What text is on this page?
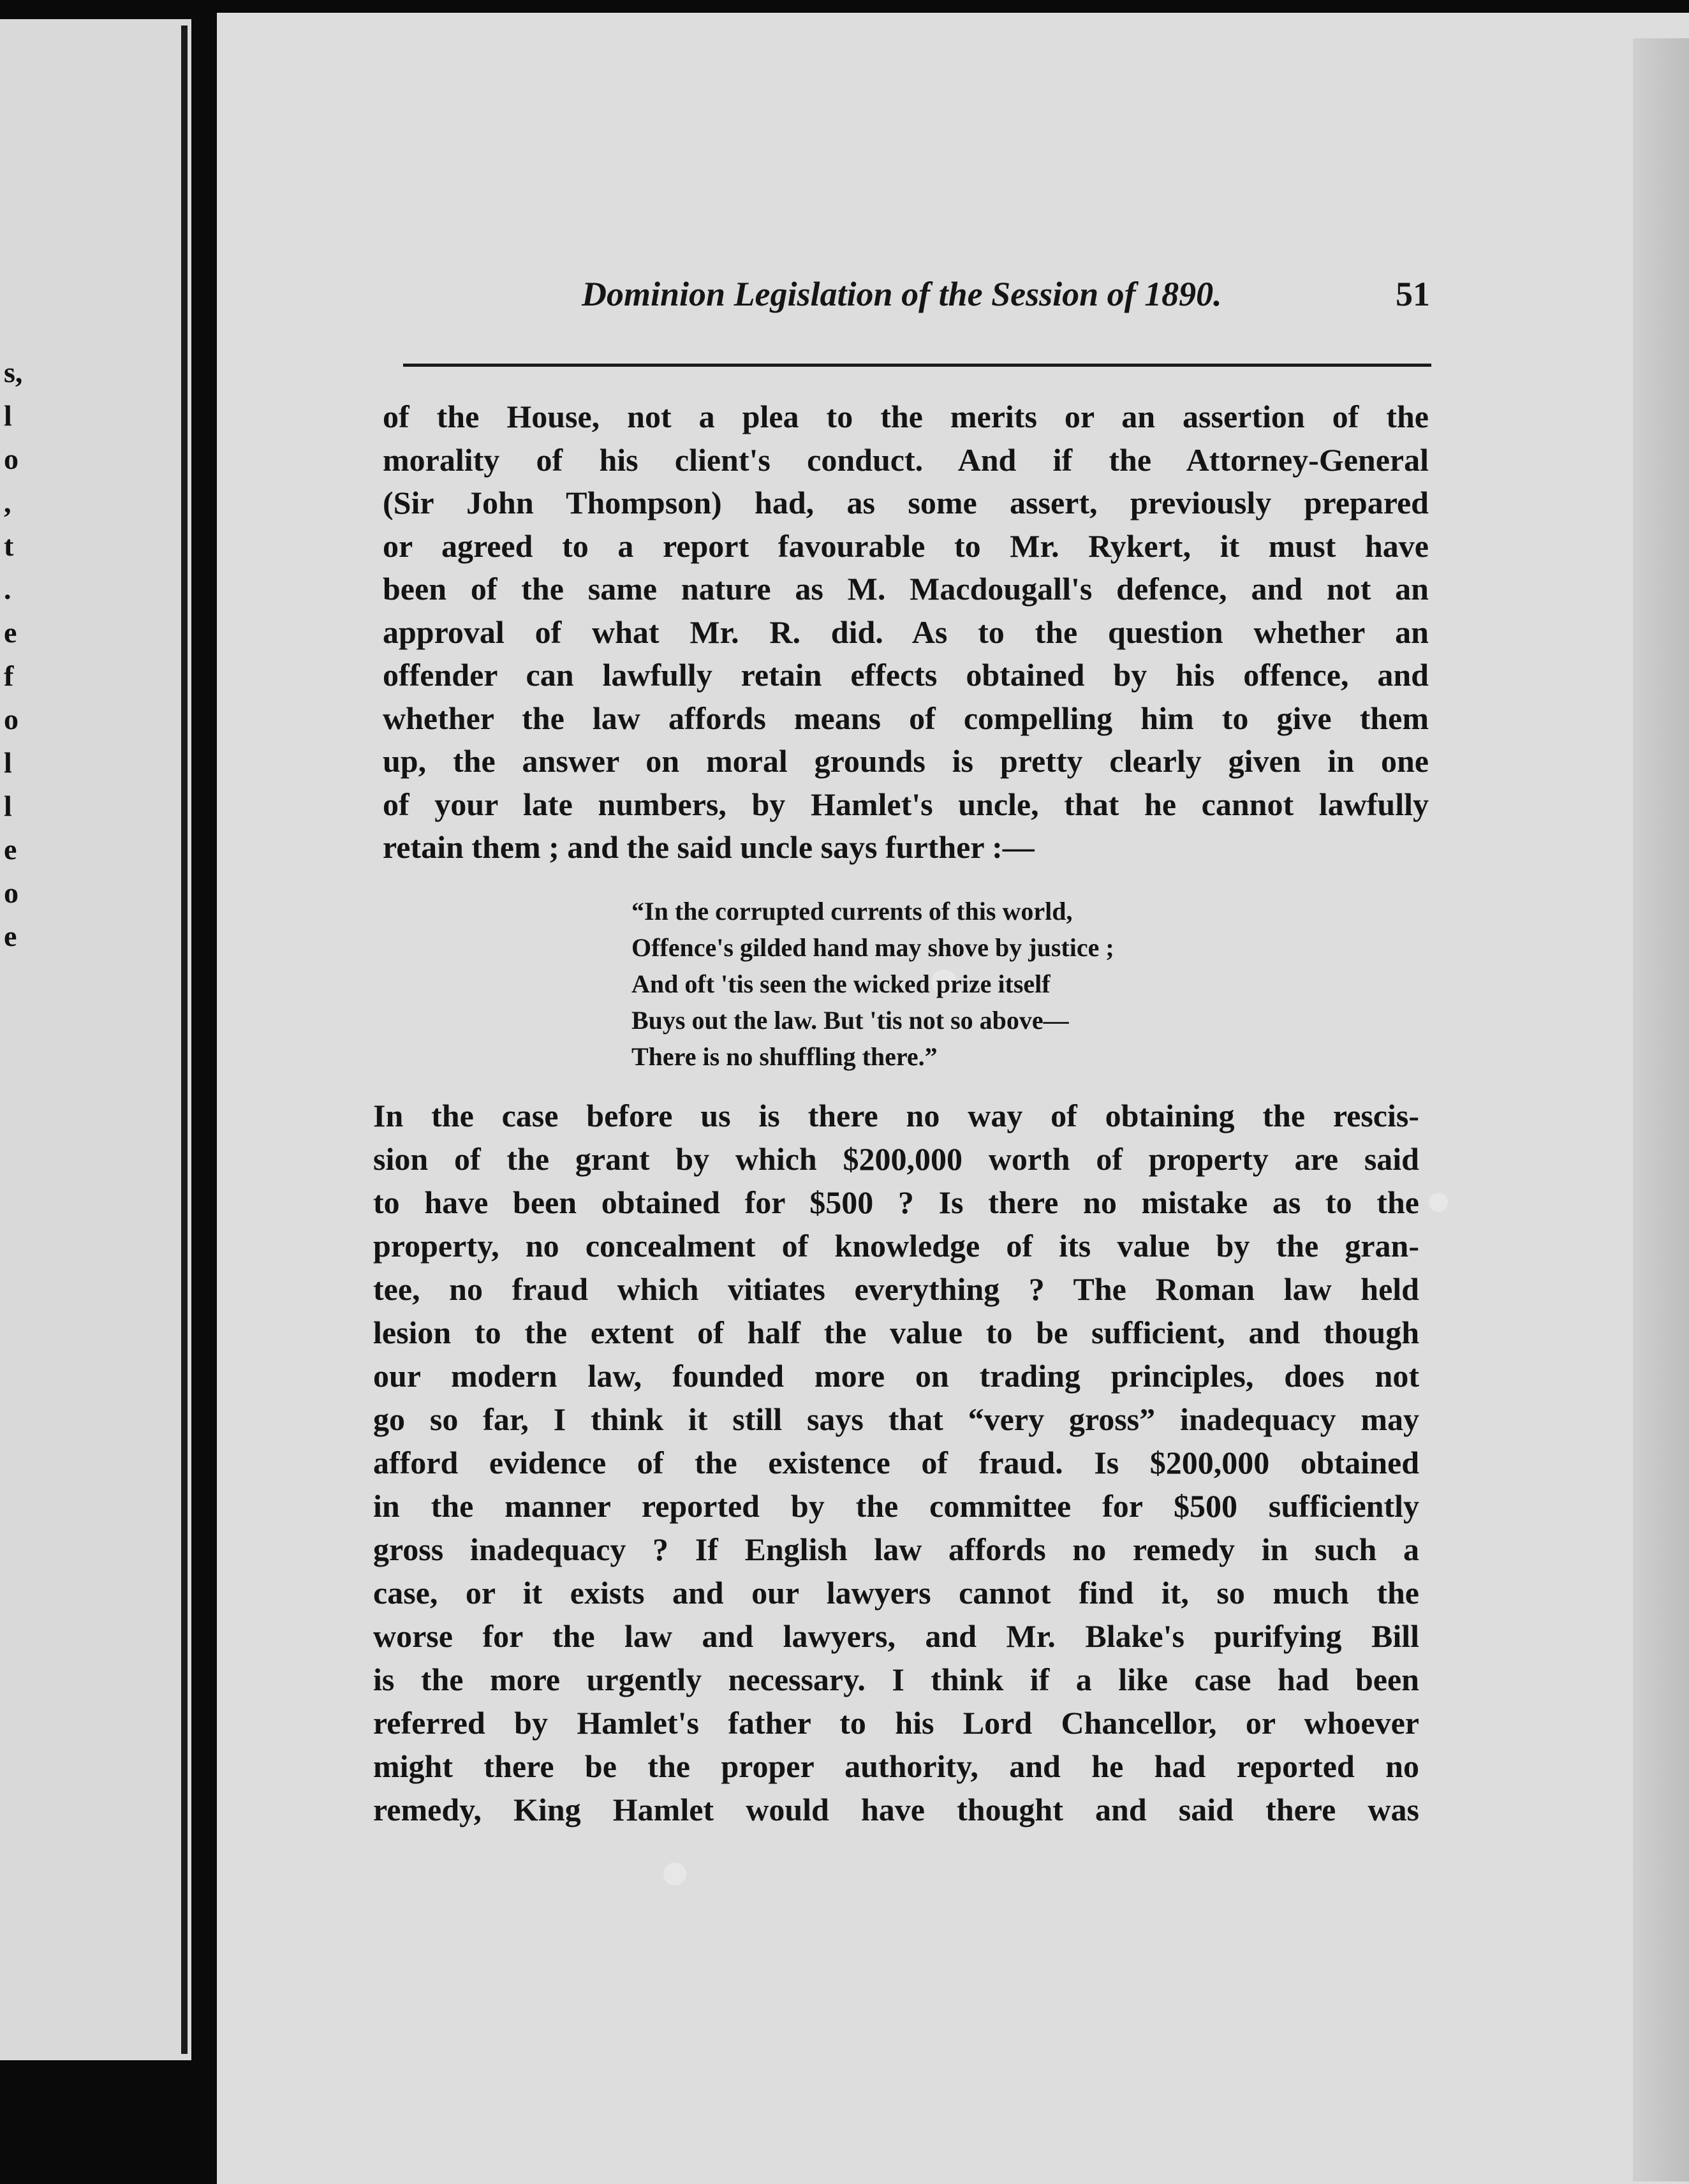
s,
l
o
,
t
.
e
f
o
l
l
e
o
e
Dominion Legislation of the Session of 1890.	51
of the House, not a plea to the merits or an assertion of the
morality of his client's conduct. And if the Attorney-General
(Sir John Thompson) had, as some assert, previously prepared
or agreed to a report favourable to Mr. Rykert, it must have
been of the same nature as M. Macdougall's defence, and not an
approval of what Mr. R. did. As to the question whether an
offender can lawfully retain effects obtained by his offence, and
whether the law affords means of compelling him to give them
up, the answer on moral grounds is pretty clearly given in one
of your late numbers, by Hamlet's uncle, that he cannot lawfully
retain them ; and the said uncle says further :—
“In the corrupted currents of this world,
Offence's gilded hand may shove by justice ;
And oft 'tis seen the wicked prize itself
Buys out the law. But 'tis not so above—
There is no shuffling there.”
In the case before us is there no way of obtaining the rescis-
sion of the grant by which $200,000 worth of property are said
to have been obtained for $500 ? Is there no mistake as to the
property, no concealment of knowledge of its value by the gran-
tee, no fraud which vitiates everything ? The Roman law held
lesion to the extent of half the value to be sufficient, and though
our modern law, founded more on trading principles, does not
go so far, I think it still says that “very gross” inadequacy may
afford evidence of the existence of fraud. Is $200,000 obtained
in the manner reported by the committee for $500 sufficiently
gross inadequacy ? If English law affords no remedy in such a
case, or it exists and our lawyers cannot find it, so much the
worse for the law and lawyers, and Mr. Blake's purifying Bill
is the more urgently necessary. I think if a like case had been
referred by Hamlet's father to his Lord Chancellor, or whoever
might there be the proper authority, and he had reported no
remedy, King Hamlet would have thought and said there was
